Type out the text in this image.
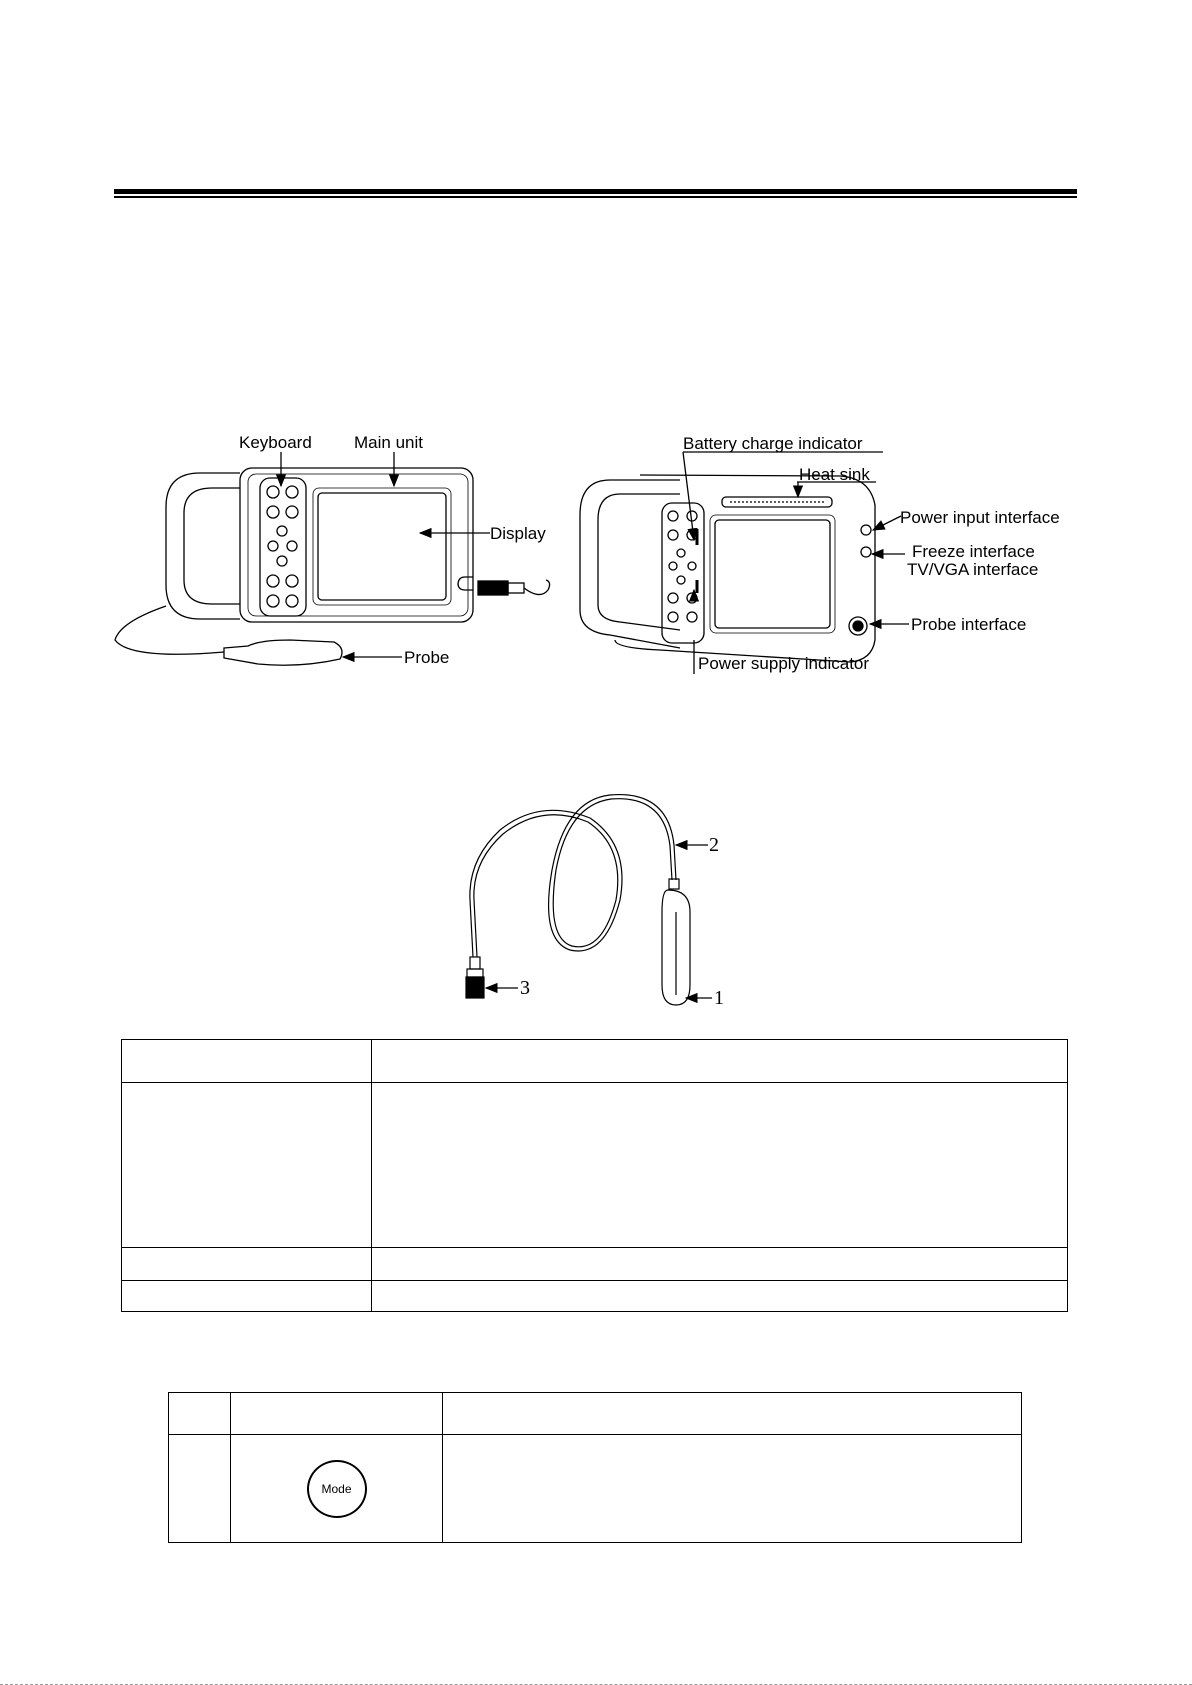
Keyboard Main unit
Display
Probe
Battery charge indicator
Heat sink
Power input interface
Freeze interface
TV/VGA interface
Probe interface
Power supply indicator
2
1
3

	Mode	
